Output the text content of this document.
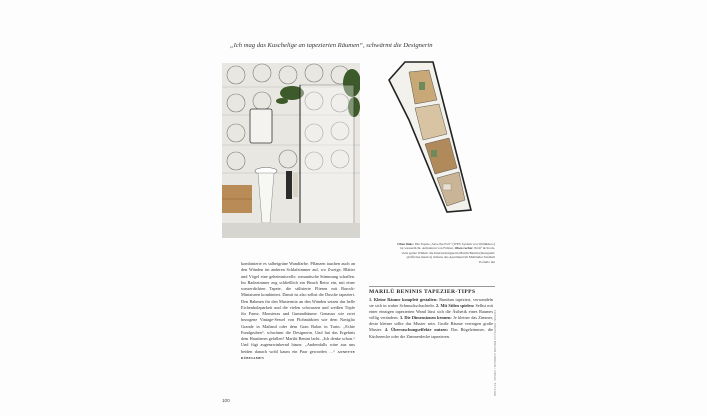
„Ich mag das Kuschelige an tapezierten Räumen“, schwärmt die Designerin
Oben links: Die Tapete „Save the Fact“ (WET-System von Wall&deco) ist wasserdicht. Armaturen von Fallout. Oben rechts: 84 m² & Stock, viele spitze Winkel: die Interiordesignerin Marilù Benini (Instagram: @officina.interior) richtete das Apartment im Mailänder Stadtteil Portello ein
kombinierte es salbeigrüne Wandfarbe. Pflanzen tauchen auch an den Wänden im anderen Schlafzimmer auf, wo Zweige, Blätter und Vögel eine geheimnisvolle, romantische Stimmung schaffen. Im Badezimmer zog schließlich ein Hauch Retro ein, mit einer wasserdichten Tapete, die stilisierte Fliesen mit Barock-Miniaturen kombiniert. Damit ist also selbst die Dusche tapeziert. Den Rahmen für den Mustermix an den Wänden setzen das helle Eichenholzparkett und die vielen schwarzen und weißen Töpfe für Farne, Monsteras und Gummibäume. Genauso wie zwei bezogene Vintage-Sessel von Flohmärkten wie dem Naviglio Grande in Mailand oder dem Gran Balon in Turin. „Echte Fundgruben“, schwärmt die Designerin. Und hat das Ergebnis dem Hausherrn gefallen? Marilù Benini lacht. „Ich denke schon.“ Und fügt augenzwinkernd hinzu: „Andernfalls wäre aus uns beiden danach wohl kaum ein Paar geworden …“ ANNETTE RÜBESAMEN
MARILÙ BENINIS TAPEZIER-TIPPS
1. Kleine Räume komplett gestalten: Rundum tapeziert, verwandeln sie sich in wahre Schmuckschachteln. 2. Mit Stilen spielen: Selbst mit einer einzigen tapezierten Wand lässt sich die Ästhetik eines Raumes völlig verändern. 3. Die Dimensionen kennen: Je kleiner das Zimmer, desto kleiner sollte das Muster sein. Große Räume vertragen große Muster. 4. Überraschungseffekte nutzen: Das Bügelzimmer, die Küchenecke oder die Zimmerdecke tapezieren.
100
FOTOS: PORTELLO BRUNO GIORGIO / ODIAN, STYLING
